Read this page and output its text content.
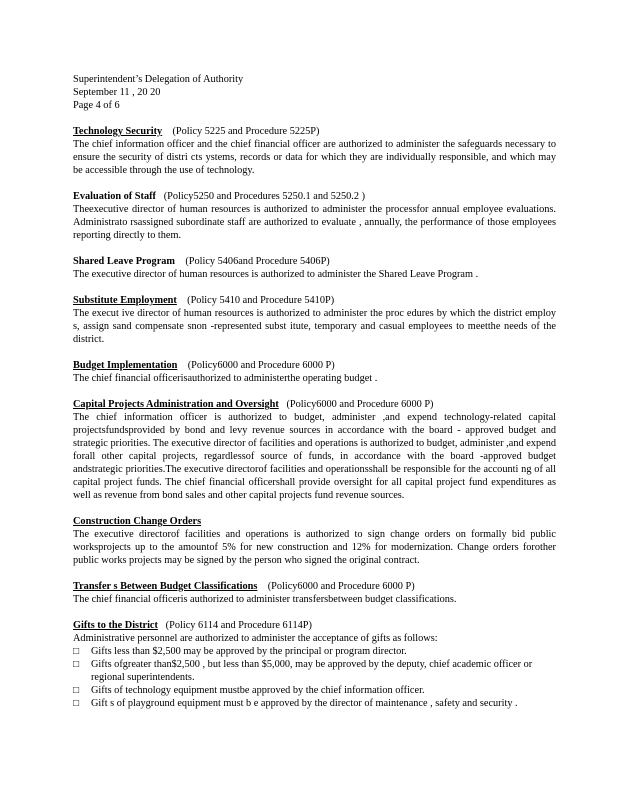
Superintendent’s Delegation of Authority
September 11 , 20 20
Page 4 of 6

Technology Security (Policy 5225 and Procedure 5225P)

The chief information officer and the chief financial officer are authorized to administer the safeguards necessary to ensure the security of distri cts ystems, records or data for which they are individually responsible, and which may be accessible through the use of technology.

Evaluation of Staff (Policy5250 and Procedures 5250.1 and 5250.2 )

Theexecutive director of human resources is authorized to administer the processfor annual employee evaluations. Administrato rsassigned subordinate staff are authorized to evaluate , annually, the performance of those employees reporting directly to them.

Shared Leave Program (Policy 5406and Procedure 5406P)

The executive director of human resources is authorized to administer the Shared Leave Program .

Substitute Employment (Policy 5410 and Procedure 5410P)

The execut ive director of human resources is authorized to administer the proc edures by which the district employ s, assign sand compensate snon -represented subst itute, temporary and casual employees to meetthe needs of the district.

Budget Implementation (Policy6000 and Procedure 6000 P)

The chief financial officerisauthorized to administerthe operating budget .

Capital Projects Administration and Oversight (Policy6000 and Procedure 6000 P)

The chief information officer is authorized to budget, administer ,and expend technology-related capital projectsfundsprovided by bond and levy revenue sources in accordance with the board - approved budget and strategic priorities. The executive director of facilities and operations is authorized to budget, administer ,and expend forall other capital projects, regardlessof source of funds, in accordance with the board -approved budget andstrategic priorities.The executive directorof facilities and operationsshall be responsible for the accounti ng of all capital project funds. The chief financial officershall provide oversight for all capital project fund expenditures as well as revenue from bond sales and other capital projects fund revenue sources.

Construction Change Orders

The executive directorof facilities and operations is authorized to sign change orders on formally bid public worksprojects up to the amountof 5% for new construction and 12% for modernization. Change orders forother public works projects may be signed by the person who signed the original contract.

Transfer s Between Budget Classifications (Policy6000 and Procedure 6000 P)

The chief financial officeris authorized to administer transfersbetween budget classifications.

Gifts to the District (Policy 6114 and Procedure 6114P)

Administrative personnel are authorized to administer the acceptance of gifts as follows:

□	Gifts less than $2,500 may be approved by the principal or program director.
□	Gifts ofgreater than$2,500 , but less than $5,000, may be approved by the deputy, chief academic officer or regional superintendents.
□	Gifts of technology equipment mustbe approved by the chief information officer.
□	Gift s of playground equipment must b e approved by the director of maintenance , safety and security .
